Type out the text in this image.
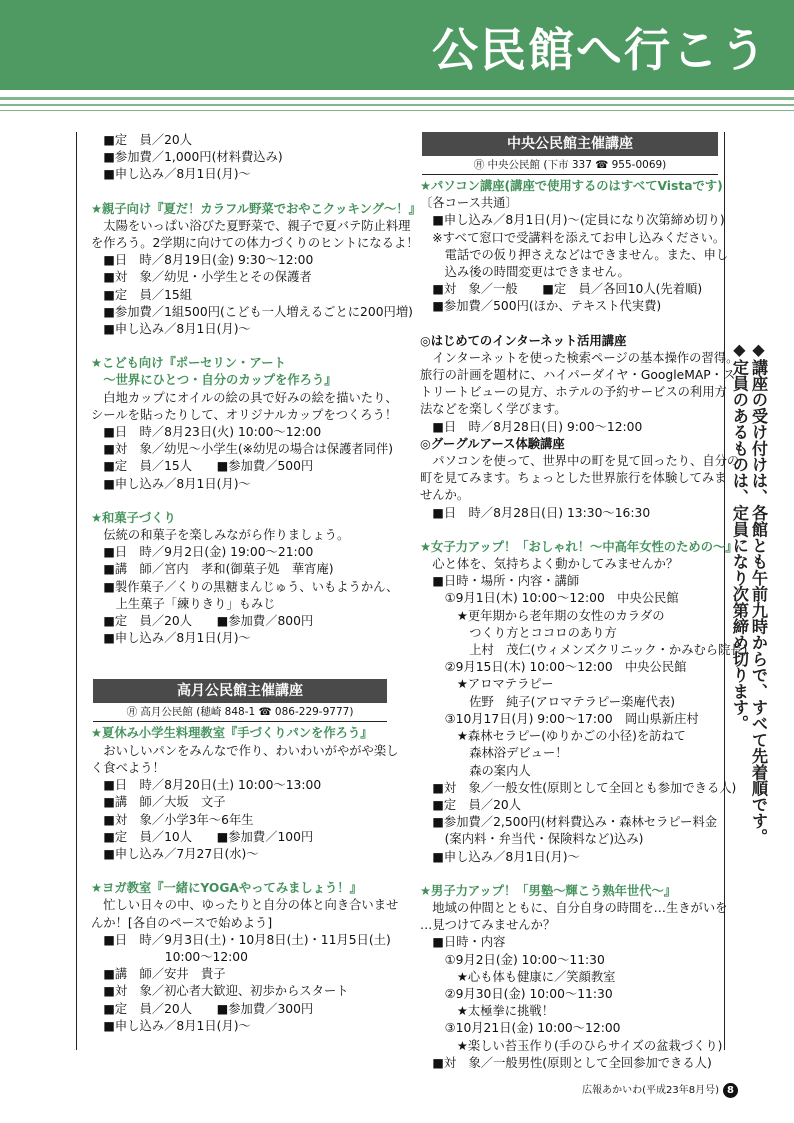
公民館へ行こう

　■定　員／20人

　■参加費／1,000円(材料費込み)

　■申し込み／8月1日(月)〜

★親子向け『夏だ！カラフル野菜でおやこクッキング〜！』

　太陽をいっぱい浴びた夏野菜で、親子で夏バテ防止料理

を作ろう。2学期に向けての体力づくりのヒントになるよ！

　■日　時／8月19日(金) 9:30〜12:00

　■対　象／幼児・小学生とその保護者

　■定　員／15組

　■参加費／1組500円(こども一人増えるごとに200円増)

　■申し込み／8月1日(月)〜

★こども向け『ポーセリン・アート

　〜世界にひとつ・自分のカップを作ろう』

　白地カップにオイルの絵の具で好みの絵を描いたり、

シールを貼ったりして、オリジナルカップをつくろう！

　■日　時／8月23日(火) 10:00〜12:00

　■対　象／幼児〜小学生(※幼児の場合は保護者同伴)

　■定　員／15人　　■参加費／500円

　■申し込み／8月1日(月)〜

★和菓子づくり

　伝統の和菓子を楽しみながら作りましょう。

　■日　時／9月2日(金) 19:00〜21:00

　■講　師／宮内　孝和(御菓子処　華宵庵)

　■製作菓子／くりの黒糖まんじゅう、いもようかん、

　　上生菓子「練りきり」もみじ

　■定　員／20人　　■参加費／800円

　■申し込み／8月1日(月)〜

高月公民館主催講座
㊊ 高月公民館 (穂崎 848-1 ☎ 086-229-9777)

★夏休み小学生料理教室『手づくりパンを作ろう』

　おいしいパンをみんなで作り、わいわいがやがや楽し

く食べよう！

　■日　時／8月20日(土) 10:00〜13:00

　■講　師／大坂　文子

　■対　象／小学3年〜6年生

　■定　員／10人　　■参加費／100円

　■申し込み／7月27日(水)〜

★ヨガ教室『一緒にYOGAやってみましょう！』

　忙しい日々の中、ゆったりと自分の体と向き合いませ

んか！[各自のペースで始めよう]

　■日　時／9月3日(土)・10月8日(土)・11月5日(土)

　　　　　　10:00〜12:00

　■講　師／安井　貴子

　■対　象／初心者大歓迎、初歩からスタート

　■定　員／20人　　■参加費／300円

　■申し込み／8月1日(月)〜

中央公民館主催講座
㊊ 中央公民館 (下市 337 ☎ 955-0069)

★パソコン講座(講座で使用するのはすべてVistaです)

〔各コース共通〕

　■申し込み／8月1日(月)〜(定員になり次第締め切り)

　※すべて窓口で受講料を添えてお申し込みください。

　　電話での仮り押さえなどはできません。また、申し

　　込み後の時間変更はできません。

　■対　象／一般　　■定　員／各回10人(先着順)

　■参加費／500円(ほか、テキスト代実費)

◎はじめてのインターネット活用講座

　インターネットを使った検索ページの基本操作の習得。

旅行の計画を題材に、ハイパーダイヤ・GoogleMAP・ス

トリートビューの見方、ホテルの予約サービスの利用方

法などを楽しく学びます。

　■日　時／8月28日(日) 9:00〜12:00

◎グーグルアース体験講座

　パソコンを使って、世界中の町を見て回ったり、自分の

町を見てみます。ちょっとした世界旅行を体験してみま

せんか。

　■日　時／8月28日(日) 13:30〜16:30

★女子力アップ！「おしゃれ！〜中高年女性のための〜』

　心と体を、気持ちよく動かしてみませんか？

　■日時・場所・内容・講師

　　①9月1日(木) 10:00〜12:00　中央公民館

　　　★更年期から老年期の女性のカラダの

　　　　つくり方とココロのあり方

　　　　上村　茂仁(ウィメンズクリニック・かみむら院長)

　　②9月15日(木) 10:00〜12:00　中央公民館

　　　★アロマテラピー

　　　　佐野　純子(アロマテラピー楽庵代表)

　　③10月17日(月) 9:00〜17:00　岡山県新庄村

　　　★森林セラピー(ゆりかごの小径)を訪ねて

　　　　森林浴デビュー！

　　　　森の案内人

　■対　象／一般女性(原則として全回とも参加できる人)

　■定　員／20人

　■参加費／2,500円(材料費込み・森林セラピー料金

　　(案内料・弁当代・保険料など)込み)

　■申し込み／8月1日(月)〜

★男子力アップ！「男塾〜輝こう熟年世代〜』

　地域の仲間とともに、自分自身の時間を…生きがいを

…見つけてみませんか？

　■日時・内容

　　①9月2日(金) 10:00〜11:30

　　　★心も体も健康に／笑顔教室

　　②9月30日(金) 10:00〜11:30

　　　★太極拳に挑戦！

　　③10月21日(金) 10:00〜12:00

　　　★楽しい苔玉作り(手のひらサイズの盆栽づくり)

　■対　象／一般男性(原則として全回参加できる人)

◆講座の受け付けは、各館とも午前九時からで、すべて先着順です。
◆定員のあるものは、定員になり次第締め切ります。
広報あかいわ(平成23年8月号) 8
